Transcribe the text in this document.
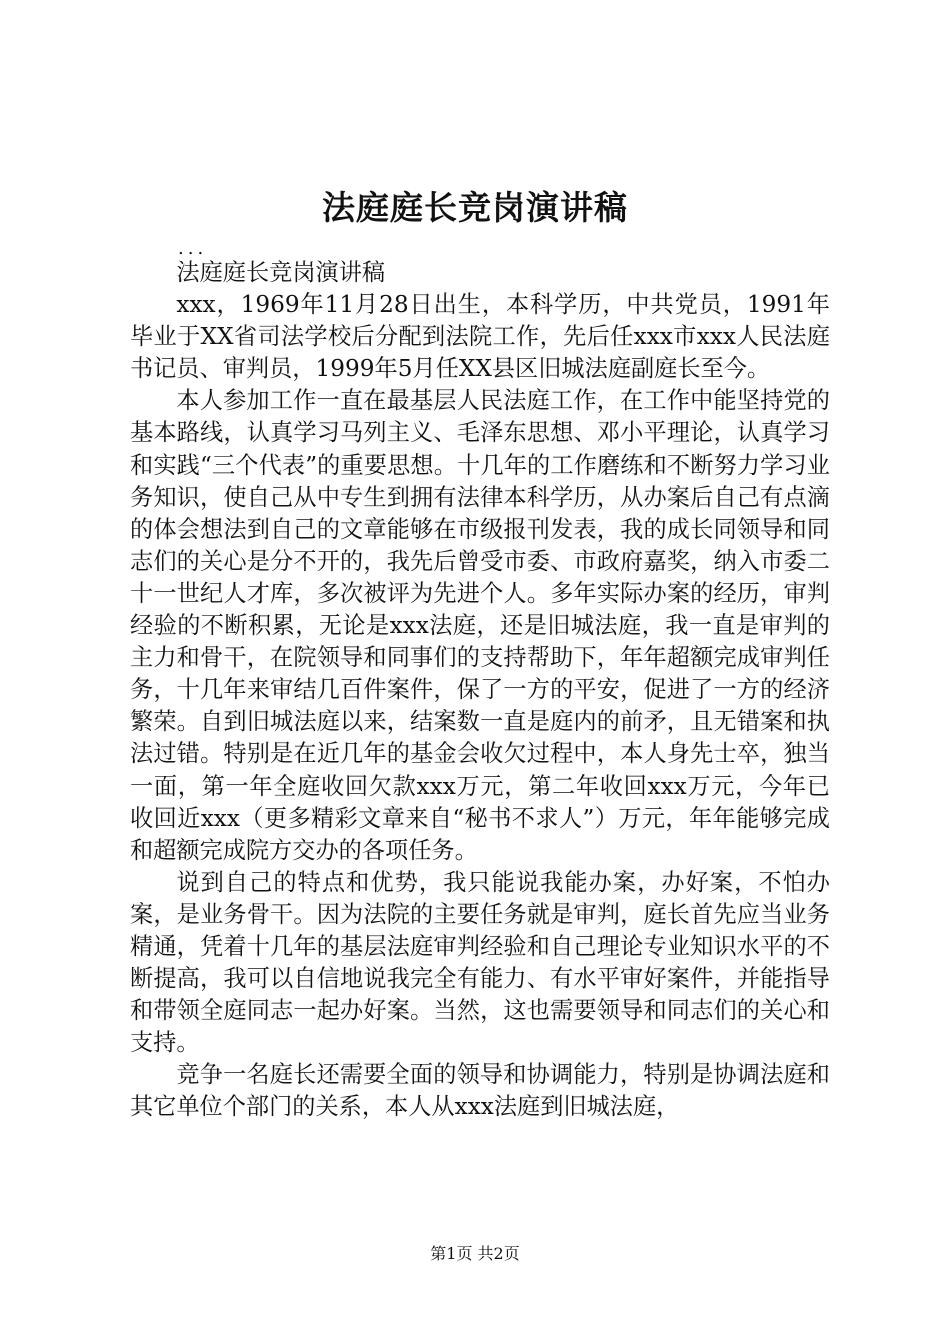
法庭庭长竞岗演讲稿
...

法庭庭长竞岗演讲稿

xxx，1969年11月28日出生，本科学历，中共党员，1991年毕业于XX省司法学校后分配到法院工作，先后任xxx市xxx人民法庭书记员、审判员，1999年5月任XX县区旧城法庭副庭长至今。

本人参加工作一直在最基层人民法庭工作，在工作中能坚持党的基本路线，认真学习马列主义、毛泽东思想、邓小平理论，认真学习和实践“三个代表”的重要思想。十几年的工作磨练和不断努力学习业务知识，使自己从中专生到拥有法律本科学历，从办案后自己有点滴的体会想法到自己的文章能够在市级报刊发表，我的成长同领导和同志们的关心是分不开的，我先后曾受市委、市政府嘉奖，纳入市委二十一世纪人才库，多次被评为先进个人。多年实际办案的经历，审判经验的不断积累，无论是xxx法庭，还是旧城法庭，我一直是审判的主力和骨干，在院领导和同事们的支持帮助下，年年超额完成审判任务，十几年来审结几百件案件，保了一方的平安，促进了一方的经济繁荣。自到旧城法庭以来，结案数一直是庭内的前矛，且无错案和执法过错。特别是在近几年的基金会收欠过程中，本人身先士卒，独当一面，第一年全庭收回欠款xxx万元，第二年收回xxx万元，今年已收回近xxx（更多精彩文章来自“秘书不求人”）万元，年年能够完成和超额完成院方交办的各项任务。

说到自己的特点和优势，我只能说我能办案，办好案，不怕办案，是业务骨干。因为法院的主要任务就是审判，庭长首先应当业务精通，凭着十几年的基层法庭审判经验和自己理论专业知识水平的不断提高，我可以自信地说我完全有能力、有水平审好案件，并能指导和带领全庭同志一起办好案。当然，这也需要领导和同志们的关心和支持。

竞争一名庭长还需要全面的领导和协调能力，特别是协调法庭和其它单位个部门的关系，本人从xxx法庭到旧城法庭，

第1页 共2页
